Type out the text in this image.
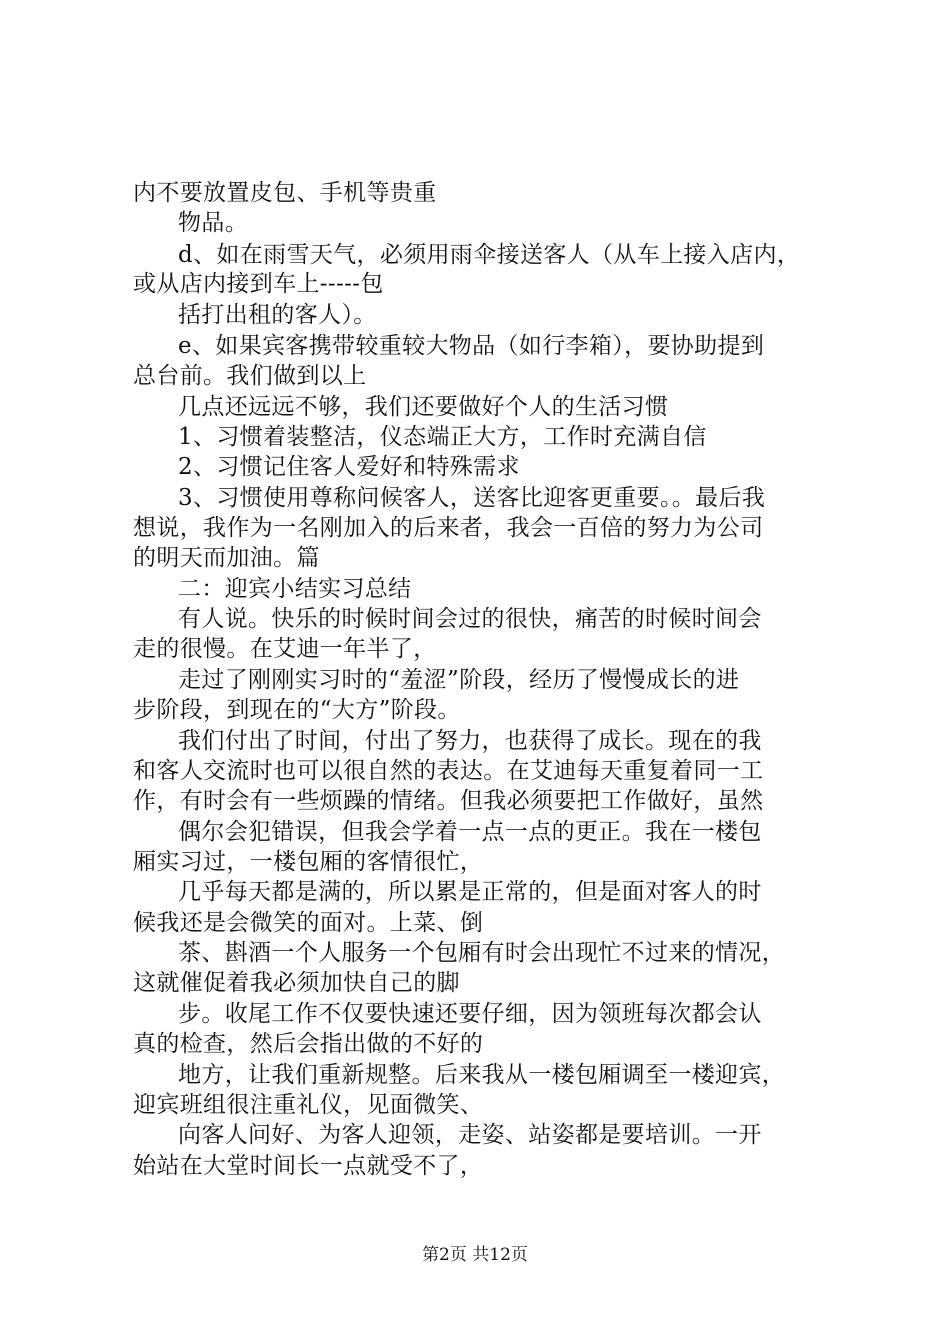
内不要放置皮包、手机等贵重
物品。
d、如在雨雪天气，必须用雨伞接送客人（从车上接入店内，
或从店内接到车上-----包
括打出租的客人）。
e、如果宾客携带较重较大物品（如行李箱），要协助提到
总台前。我们做到以上
几点还远远不够，我们还要做好个人的生活习惯
1、习惯着装整洁，仪态端正大方，工作时充满自信
2、习惯记住客人爱好和特殊需求
3、习惯使用尊称问候客人，送客比迎客更重要。。最后我
想说，我作为一名刚加入的后来者，我会一百倍的努力为公司
的明天而加油。篇
二：迎宾小结实习总结
有人说。快乐的时候时间会过的很快，痛苦的时候时间会
走的很慢。在艾迪一年半了，
走过了刚刚实习时的“羞涩”阶段，经历了慢慢成长的进
步阶段，到现在的“大方”阶段。
我们付出了时间，付出了努力，也获得了成长。现在的我
和客人交流时也可以很自然的表达。在艾迪每天重复着同一工
作，有时会有一些烦躁的情绪。但我必须要把工作做好，虽然
偶尔会犯错误，但我会学着一点一点的更正。我在一楼包
厢实习过，一楼包厢的客情很忙，
几乎每天都是满的，所以累是正常的，但是面对客人的时
候我还是会微笑的面对。上菜、倒
茶、斟酒一个人服务一个包厢有时会出现忙不过来的情况，
这就催促着我必须加快自己的脚
步。收尾工作不仅要快速还要仔细，因为领班每次都会认
真的检查，然后会指出做的不好的
地方，让我们重新规整。后来我从一楼包厢调至一楼迎宾，
迎宾班组很注重礼仪，见面微笑、
向客人问好、为客人迎领，走姿、站姿都是要培训。一开
始站在大堂时间长一点就受不了，
第2页 共12页
